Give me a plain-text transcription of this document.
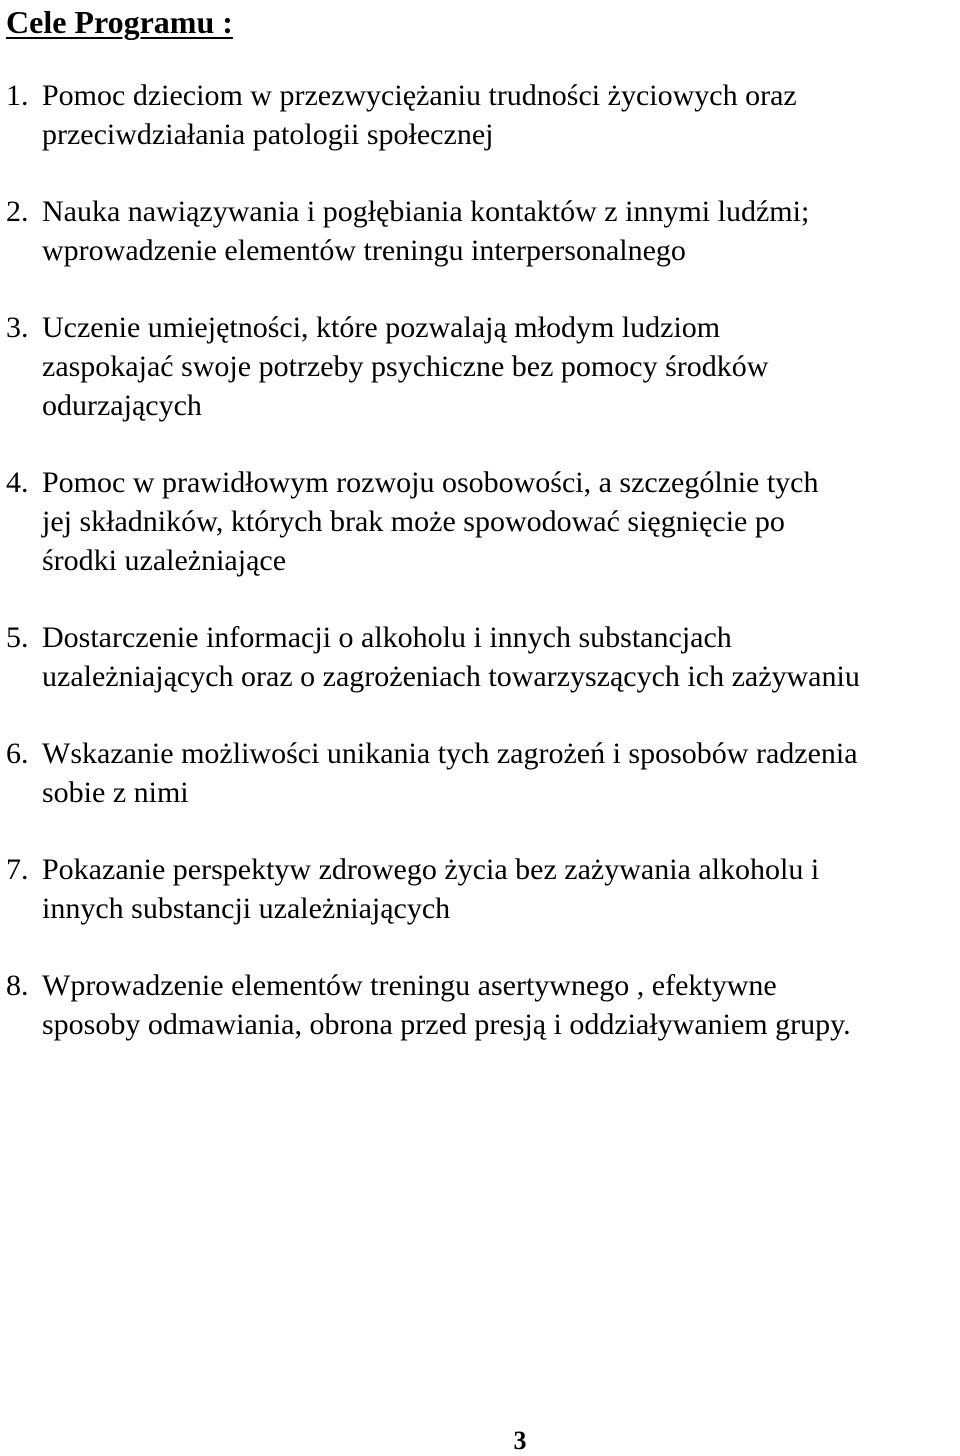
Cele Programu :
1. Pomoc dzieciom w przezwyciężaniu trudności życiowych oraz
przeciwdziałania patologii społecznej
2. Nauka nawiązywania i pogłębiania kontaktów z innymi ludźmi;
wprowadzenie elementów treningu interpersonalnego
3. Uczenie umiejętności, które pozwalają młodym ludziom
zaspokajać swoje potrzeby psychiczne bez pomocy środków
odurzających
4. Pomoc w prawidłowym rozwoju osobowości, a szczególnie tych
jej składników, których brak może spowodować sięgnięcie po
środki uzależniające
5. Dostarczenie informacji o alkoholu i innych substancjach
uzależniających oraz o zagrożeniach towarzyszących ich zażywaniu
6. Wskazanie możliwości unikania tych zagrożeń i sposobów radzenia
sobie z nimi
7. Pokazanie perspektyw zdrowego życia bez zażywania alkoholu i
innych substancji uzależniających
8. Wprowadzenie elementów treningu asertywnego , efektywne
sposoby odmawiania, obrona przed presją i oddziaływaniem grupy.
3
